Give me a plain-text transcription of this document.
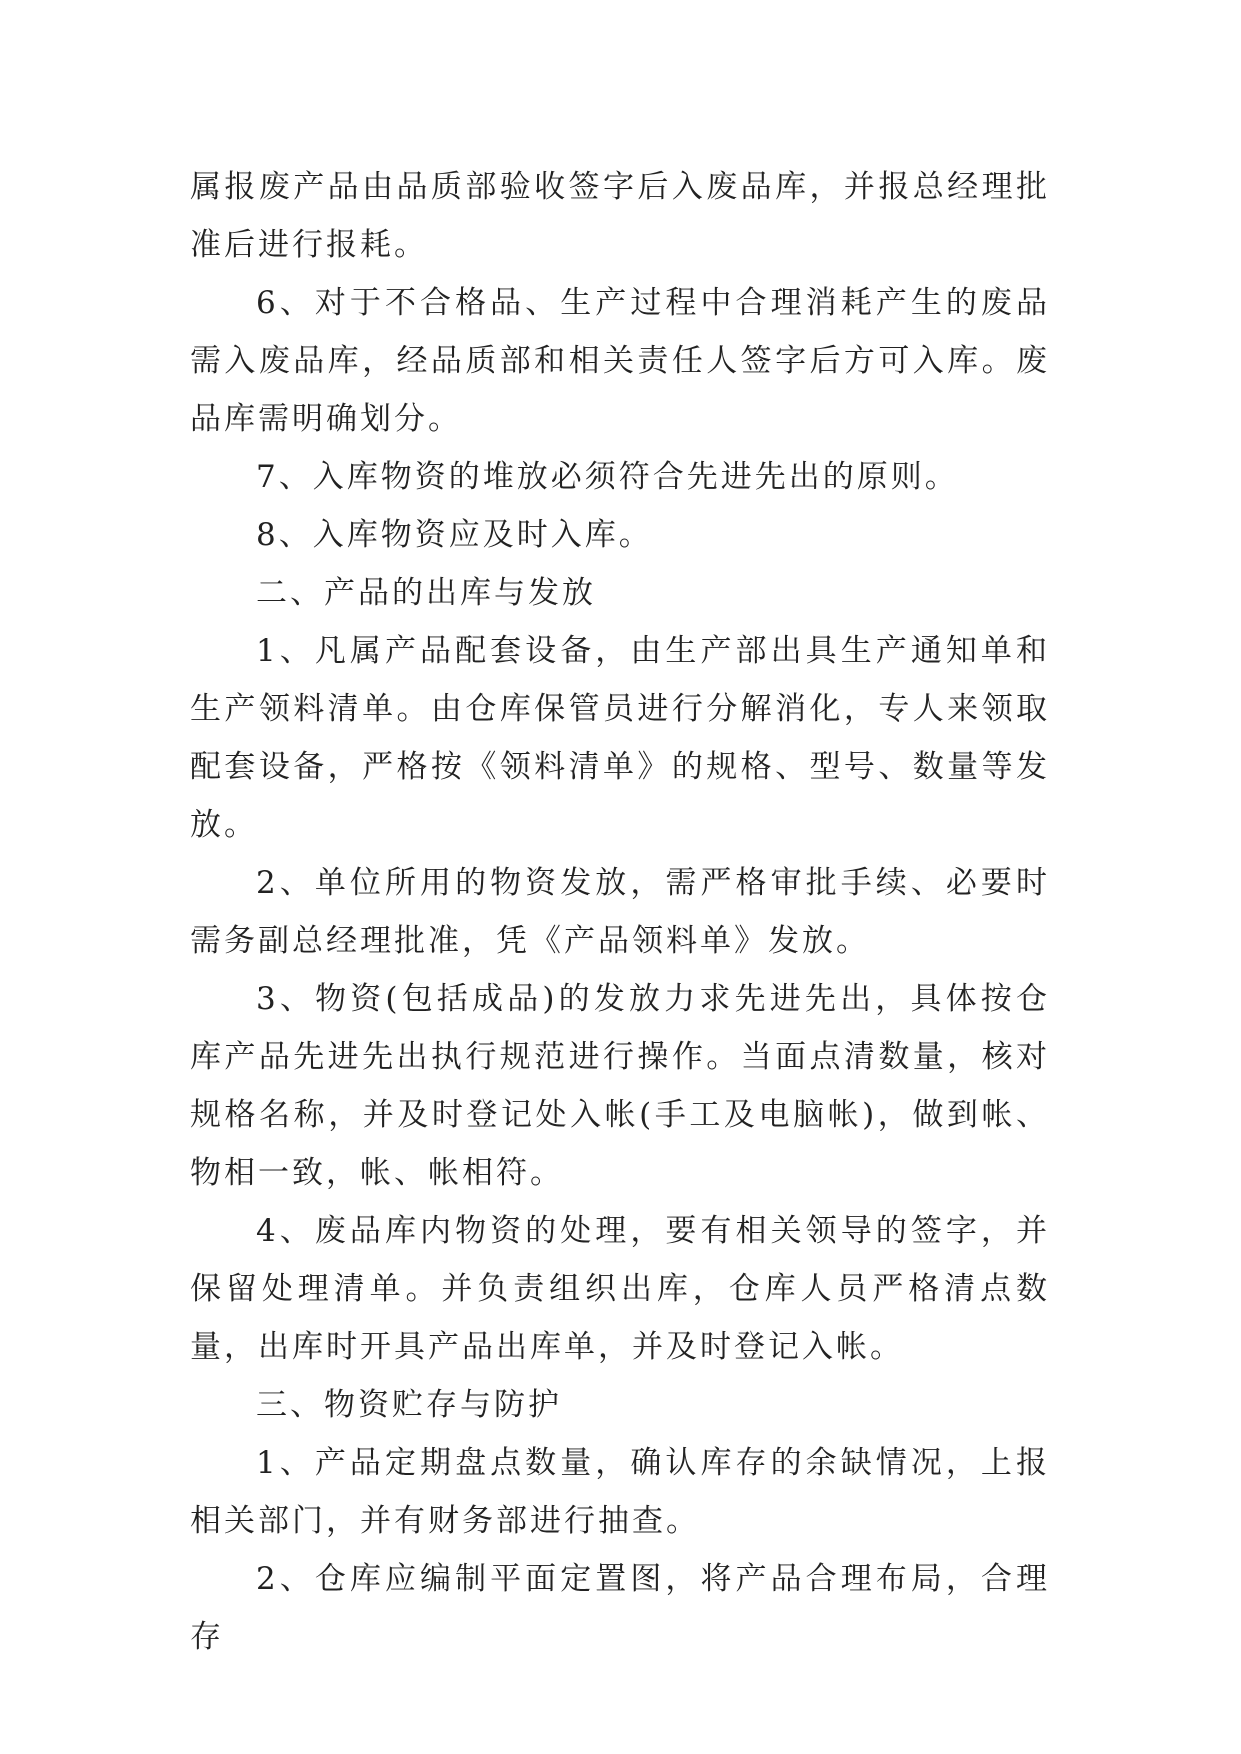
属报废产品由品质部验收签字后入废品库，并报总经理批准后进行报耗。

6、对于不合格品、生产过程中合理消耗产生的废品需入废品库，经品质部和相关责任人签字后方可入库。废品库需明确划分。

7、入库物资的堆放必须符合先进先出的原则。

8、入库物资应及时入库。

二、产品的出库与发放

1、凡属产品配套设备，由生产部出具生产通知单和生产领料清单。由仓库保管员进行分解消化，专人来领取配套设备，严格按《领料清单》的规格、型号、数量等发放。

2、单位所用的物资发放，需严格审批手续、必要时需务副总经理批准，凭《产品领料单》发放。

3、物资(包括成品)的发放力求先进先出，具体按仓库产品先进先出执行规范进行操作。当面点清数量，核对规格名称，并及时登记处入帐(手工及电脑帐)，做到帐、物相一致，帐、帐相符。

4、废品库内物资的处理，要有相关领导的签字，并保留处理清单。并负责组织出库，仓库人员严格清点数量，出库时开具产品出库单，并及时登记入帐。

三、物资贮存与防护

1、产品定期盘点数量，确认库存的余缺情况，上报相关部门，并有财务部进行抽查。

2、仓库应编制平面定置图，将产品合理布局，合理存
